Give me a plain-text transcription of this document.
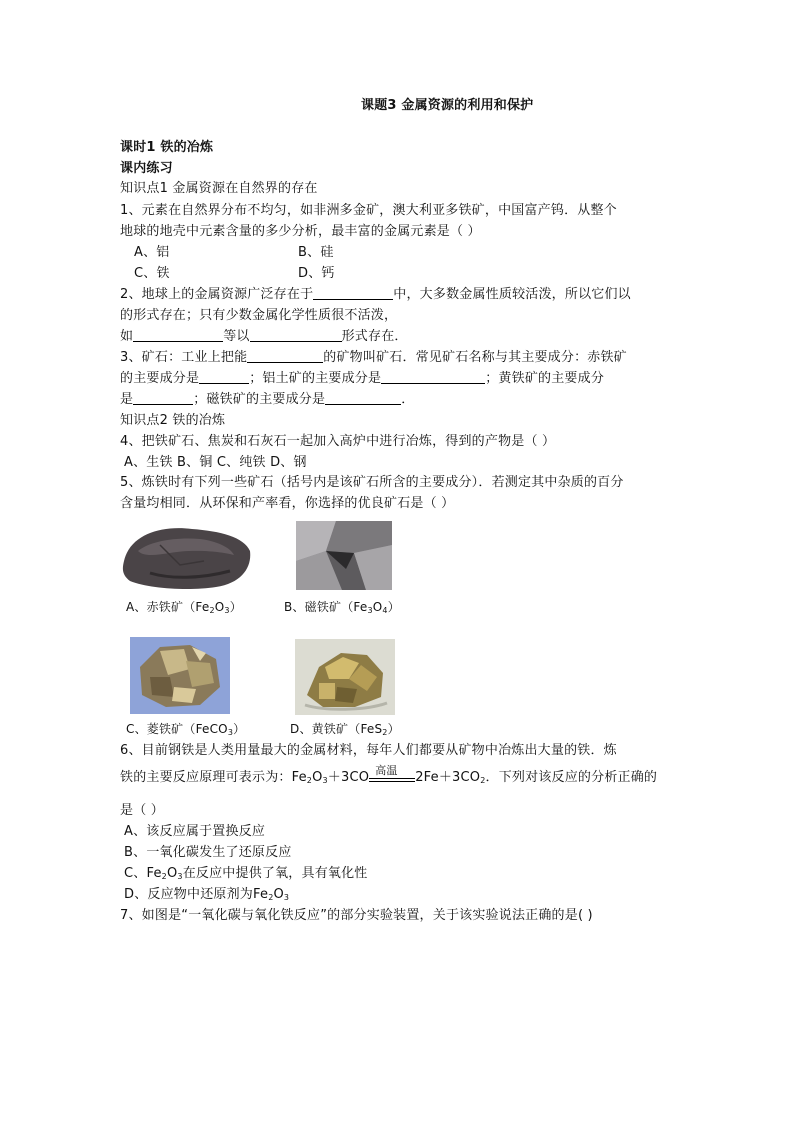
课题3 金属资源的利用和保护
课时1 铁的冶炼
课内练习
知识点1 金属资源在自然界的存在
1、元素在自然界分布不均匀，如非洲多金矿，澳大利亚多铁矿，中国富产钨．从整个
地球的地壳中元素含量的多少分析，最丰富的金属元素是（ ）
A、铝	B、硅
C、铁	D、钙
2、地球上的金属资源广泛存在于	中，大多数金属性质较活泼，所以它们以
的形式存在；只有少数金属化学性质很不活泼，
如	等以	形式存在．
3、矿石：工业上把能	的矿物叫矿石．常见矿石名称与其主要成分：赤铁矿
的主要成分是	；铝土矿的主要成分是	；黄铁矿的主要成分
是	；磁铁矿的主要成分是	．
知识点2 铁的冶炼
4、把铁矿石、焦炭和石灰石一起加入高炉中进行冶炼，得到的产物是（ ）
A、生铁 B、铜 C、纯铁 D、钢
5、炼铁时有下列一些矿石（括号内是该矿石所含的主要成分）．若测定其中杂质的百分
含量均相同．从环保和产率看，你选择的优良矿石是（ ）
A、赤铁矿$(Fe_2O_3)$	B、磁铁矿$(Fe_3O_4)$
C、菱铁矿（FeCO$_3$）	D、黄铁矿（FeS$_2$）
6、目前钢铁是人类用量最大的金属材料，每年人们都要从矿物中冶炼出大量的铁．炼
铁的主要反应原理可表示为：$Fe_2O_3+3CO$ 高温 $2Fe+3CO_2$．下列对该反应的分析正确的
是（ ）
A、该反应属于置换反应
B、一氧化碳发生了还原反应
C、$Fe_2O_3$在反应中提供了氧，具有氧化性
D、反应物中还原剂为$Fe_2O_3$
7、如图是“一氧化碳与氧化铁反应”的部分实验装置，关于该实验说法正确的是( )
